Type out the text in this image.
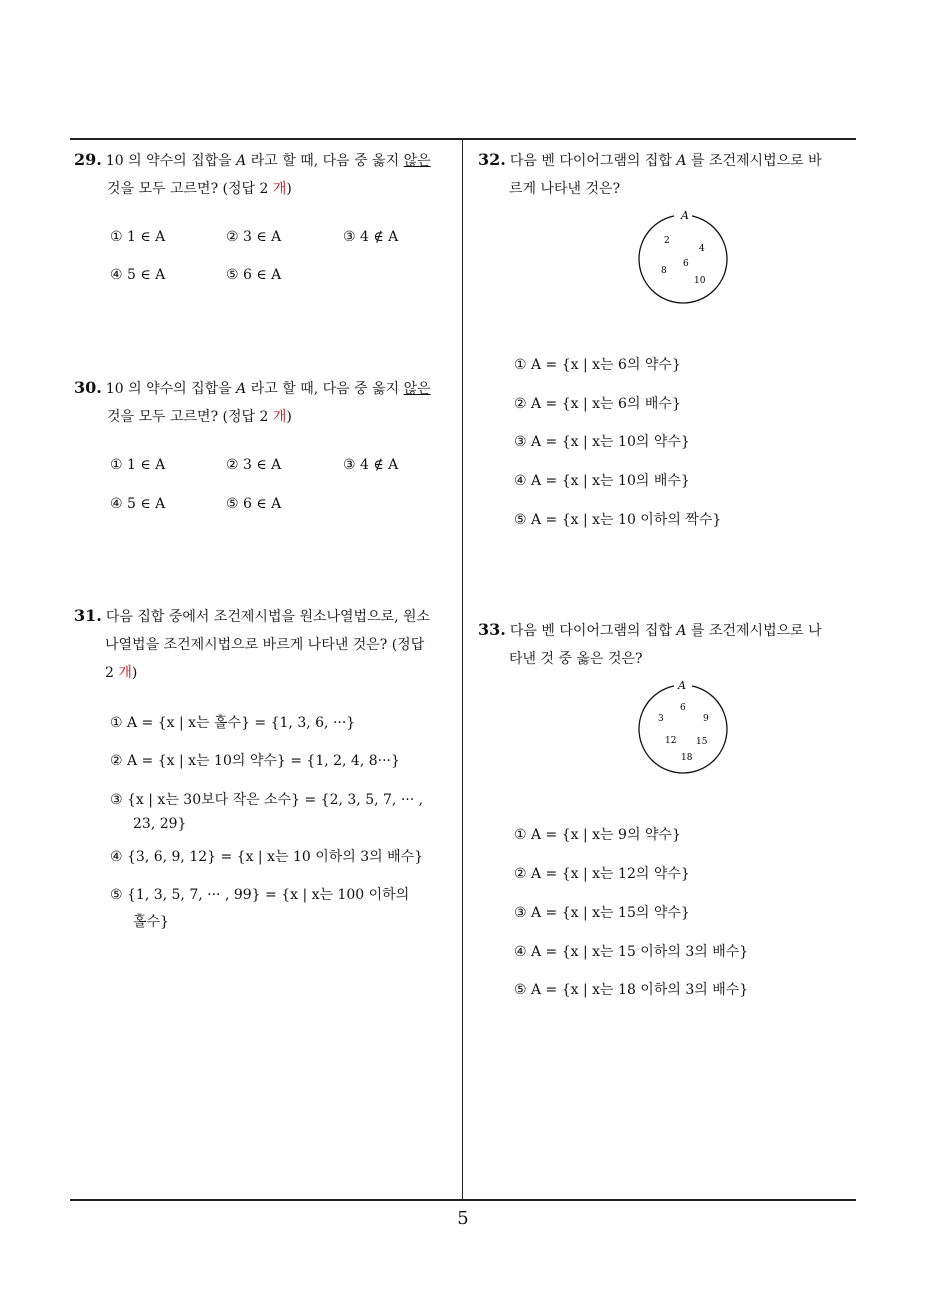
29. 10 의 약수의 집합을 A 라고 할 때, 다음 중 옳지 않은
것을 모두 고르면? (정답 2 개)
① 1 ∈ A	② 3 ∈ A	③ 4 ∉ A
④ 5 ∈ A	⑤ 6 ∈ A
30. 10 의 약수의 집합을 A 라고 할 때, 다음 중 옳지 않은
것을 모두 고르면? (정답 2 개)
① 1 ∈ A	② 3 ∈ A	③ 4 ∉ A
④ 5 ∈ A	⑤ 6 ∈ A
31. 다음 집합 중에서 조건제시법을 원소나열법으로, 원소
나열법을 조건제시법으로 바르게 나타낸 것은? (정답
2 개)
① A = {x | x는 홀수} = {1, 3, 6, ···}
② A = {x | x는 10의 약수} = {1, 2, 4, 8···}
③ {x | x는 30보다 작은 소수} = {2, 3, 5, 7, ··· ,
23, 29}
④ {3, 6, 9, 12} = {x | x는 10 이하의 3의 배수}
⑤ {1, 3, 5, 7, ··· , 99} = {x | x는 100 이하의
홀수}
32. 다음 벤 다이어그램의 집합 A 를 조건제시법으로 바
르게 나타낸 것은?
A
2
4
6
8
10
① A = {x | x는 6의 약수}
② A = {x | x는 6의 배수}
③ A = {x | x는 10의 약수}
④ A = {x | x는 10의 배수}
⑤ A = {x | x는 10 이하의 짝수}
33. 다음 벤 다이어그램의 집합 A 를 조건제시법으로 나
타낸 것 중 옳은 것은?
A
3
6
9
12 15
18
① A = {x | x는 9의 약수}
② A = {x | x는 12의 약수}
③ A = {x | x는 15의 약수}
④ A = {x | x는 15 이하의 3의 배수}
⑤ A = {x | x는 18 이하의 3의 배수}
5
